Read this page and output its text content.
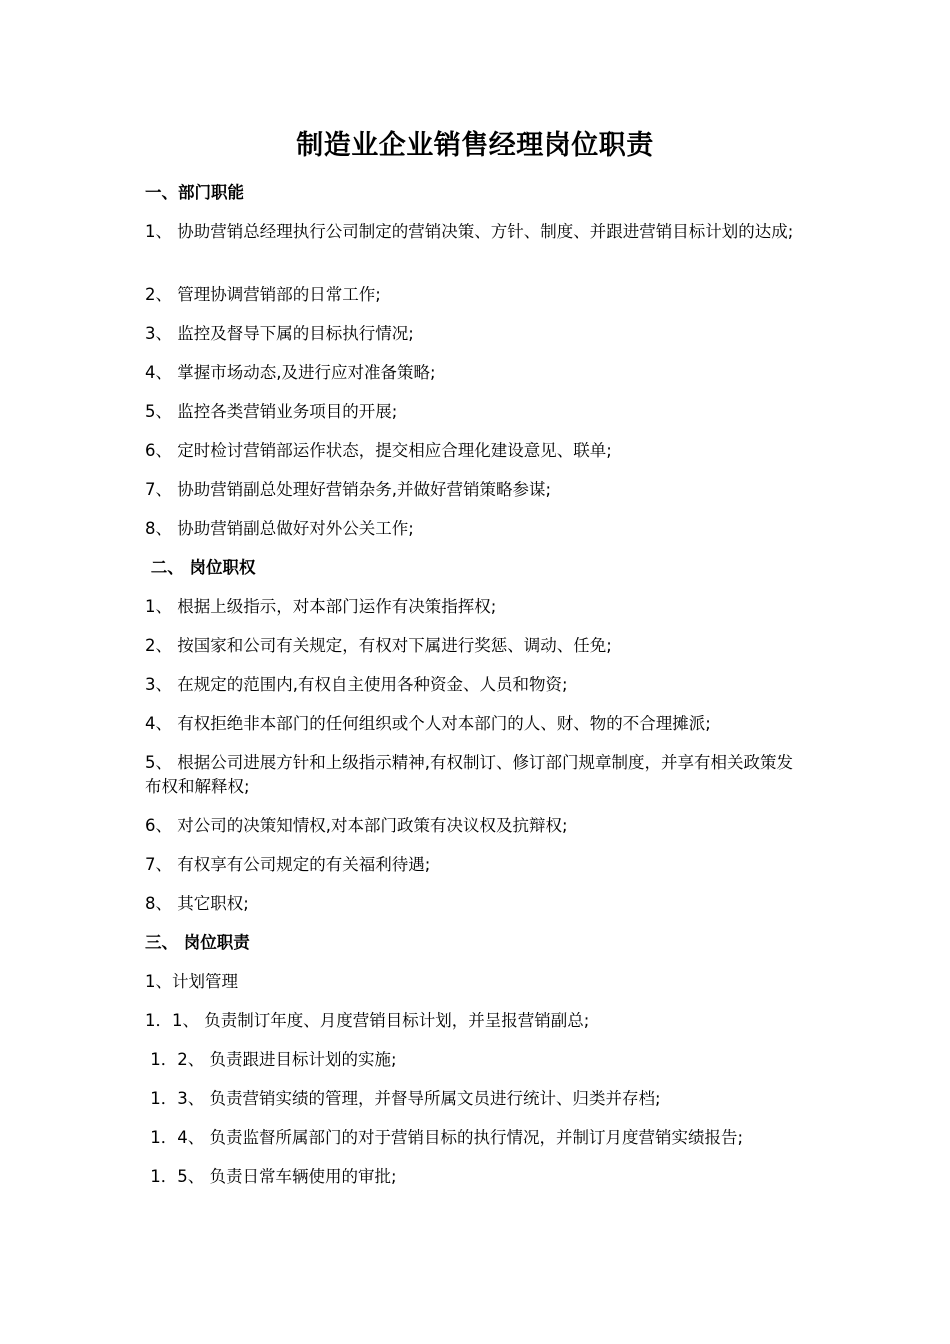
制造业企业销售经理岗位职责
一、部门职能
1、 协助营销总经理执行公司制定的营销决策、方针、制度、并跟进营销目标计划的达成;
2、 管理协调营销部的日常工作;
3、 监控及督导下属的目标执行情况;
4、 掌握市场动态,及进行应对准备策略;
5、 监控各类营销业务项目的开展;
6、 定时检讨营销部运作状态，提交相应合理化建设意见、联单;
7、 协助营销副总处理好营销杂务,并做好营销策略参谋;
8、 协助营销副总做好对外公关工作;
二、 岗位职权
1、 根据上级指示，对本部门运作有决策指挥权;
2、 按国家和公司有关规定，有权对下属进行奖惩、调动、任免;
3、 在规定的范围内,有权自主使用各种资金、人员和物资;
4、 有权拒绝非本部门的任何组织或个人对本部门的人、财、物的不合理摊派;
5、 根据公司进展方针和上级指示精神,有权制订、修订部门规章制度，并享有相关政策发布权和解释权;
6、 对公司的决策知情权,对本部门政策有决议权及抗辩权;
7、 有权享有公司规定的有关福利待遇;
8、 其它职权;
三、 岗位职责
1、计划管理
1．1、 负责制订年度、月度营销目标计划，并呈报营销副总;
1．2、 负责跟进目标计划的实施;
1．3、 负责营销实绩的管理，并督导所属文员进行统计、归类并存档;
1．4、 负责监督所属部门的对于营销目标的执行情况，并制订月度营销实绩报告;
1．5、 负责日常车辆使用的审批;
